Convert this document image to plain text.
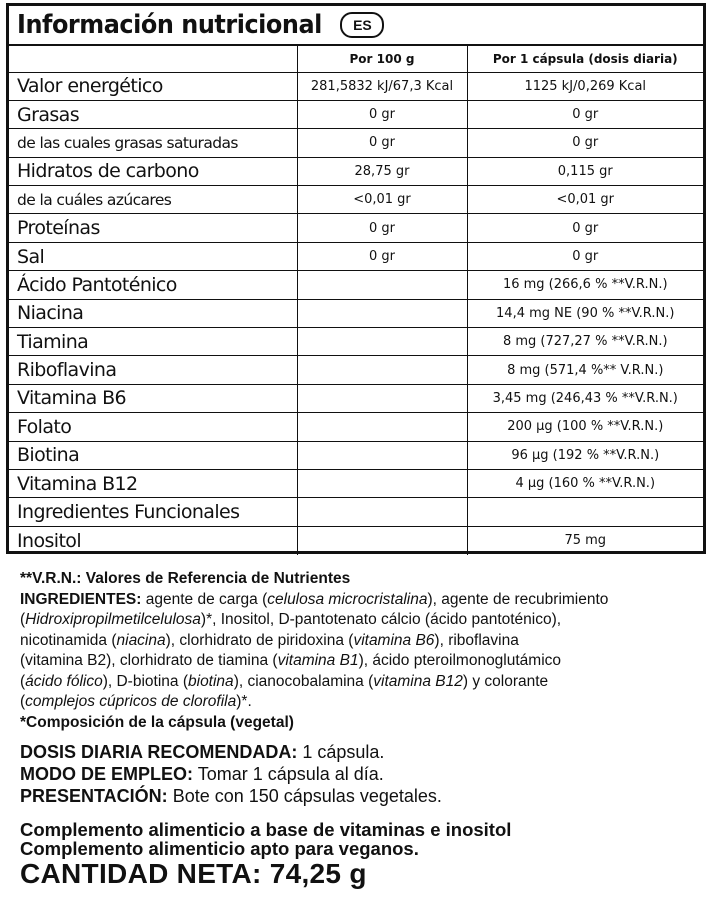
Información nutricional	ES
	Por 100 g	Por 1 cápsula (dosis diaria)
Valor energético	281,5832 kJ/67,3 Kcal	1125 kJ/0,269 Kcal
Grasas	0 gr	0 gr
de las cuales grasas saturadas	0 gr	0 gr
Hidratos de carbono	28,75 gr	0,115 gr
de la cuáles azúcares	<0,01 gr	<0,01 gr
Proteínas	0 gr	0 gr
Sal	0 gr	0 gr
Ácido Pantoténico		16 mg (266,6 % **V.R.N.)
Niacina		14,4 mg NE (90 % **V.R.N.)
Tiamina		8 mg (727,27 % **V.R.N.)
Riboflavina		8 mg (571,4 %** V.R.N.)
Vitamina B6		3,45 mg (246,43 % **V.R.N.)
Folato		200 µg (100 % **V.R.N.)
Biotina		96 µg (192 % **V.R.N.)
Vitamina B12		4 µg (160 % **V.R.N.)
Ingredientes Funcionales		
Inositol		75 mg
**V.R.N.: Valores de Referencia de Nutrientes
INGREDIENTES: agente de carga (celulosa microcristalina), agente de recubrimiento
(Hidroxipropilmetilcelulosa)*, Inositol, D-pantotenato cálcio (ácido pantoténico),
nicotinamida (niacina), clorhidrato de piridoxina (vitamina B6), riboflavina
(vitamina B2), clorhidrato de tiamina (vitamina B1), ácido pteroilmonoglutámico
(ácido fólico), D-biotina (biotina), cianocobalamina (vitamina B12) y colorante
(complejos cúpricos de clorofila)*.
*Composición de la cápsula (vegetal)
DOSIS DIARIA RECOMENDADA: 1 cápsula.
MODO DE EMPLEO: Tomar 1 cápsula al día.
PRESENTACIÓN: Bote con 150 cápsulas vegetales.
Complemento alimenticio a base de vitaminas e inositol
Complemento alimenticio apto para veganos.
CANTIDAD NETA: 74,25 g
